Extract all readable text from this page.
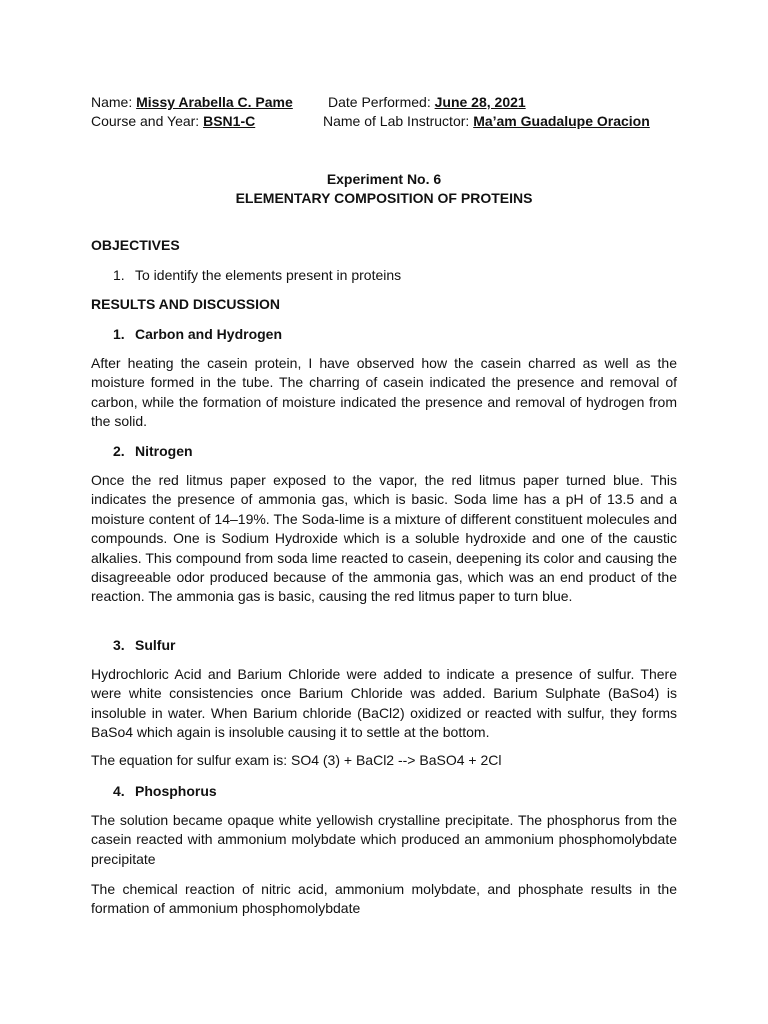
Name: Missy Arabella C. Pame	Date Performed: June 28, 2021
Course and Year: BSN1-C	Name of Lab Instructor: Ma’am Guadalupe Oracion
Experiment No. 6
ELEMENTARY COMPOSITION OF PROTEINS
OBJECTIVES
1. To identify the elements present in proteins
RESULTS AND DISCUSSION
1. Carbon and Hydrogen
After heating the casein protein, I have observed how the casein charred as well as the moisture formed in the tube. The charring of casein indicated the presence and removal of carbon, while the formation of moisture indicated the presence and removal of hydrogen from the solid.
2. Nitrogen
Once the red litmus paper exposed to the vapor, the red litmus paper turned blue. This indicates the presence of ammonia gas, which is basic. Soda lime has a pH of 13.5 and a moisture content of 14–19%. The Soda-lime is a mixture of different constituent molecules and compounds. One is Sodium Hydroxide which is a soluble hydroxide and one of the caustic alkalies. This compound from soda lime reacted to casein, deepening its color and causing the disagreeable odor produced because of the ammonia gas, which was an end product of the reaction. The ammonia gas is basic, causing the red litmus paper to turn blue.
3. Sulfur
Hydrochloric Acid and Barium Chloride were added to indicate a presence of sulfur. There were white consistencies once Barium Chloride was added. Barium Sulphate (BaSo4) is insoluble in water. When Barium chloride (BaCl2) oxidized or reacted with sulfur, they forms BaSo4 which again is insoluble causing it to settle at the bottom.
The equation for sulfur exam is: SO4 (3) + BaCl2 --> BaSO4 + 2Cl
4. Phosphorus
The solution became opaque white yellowish crystalline precipitate. The phosphorus from the casein reacted with ammonium molybdate which produced an ammonium phosphomolybdate precipitate
The chemical reaction of nitric acid, ammonium molybdate, and phosphate results in the formation of ammonium phosphomolybdate
